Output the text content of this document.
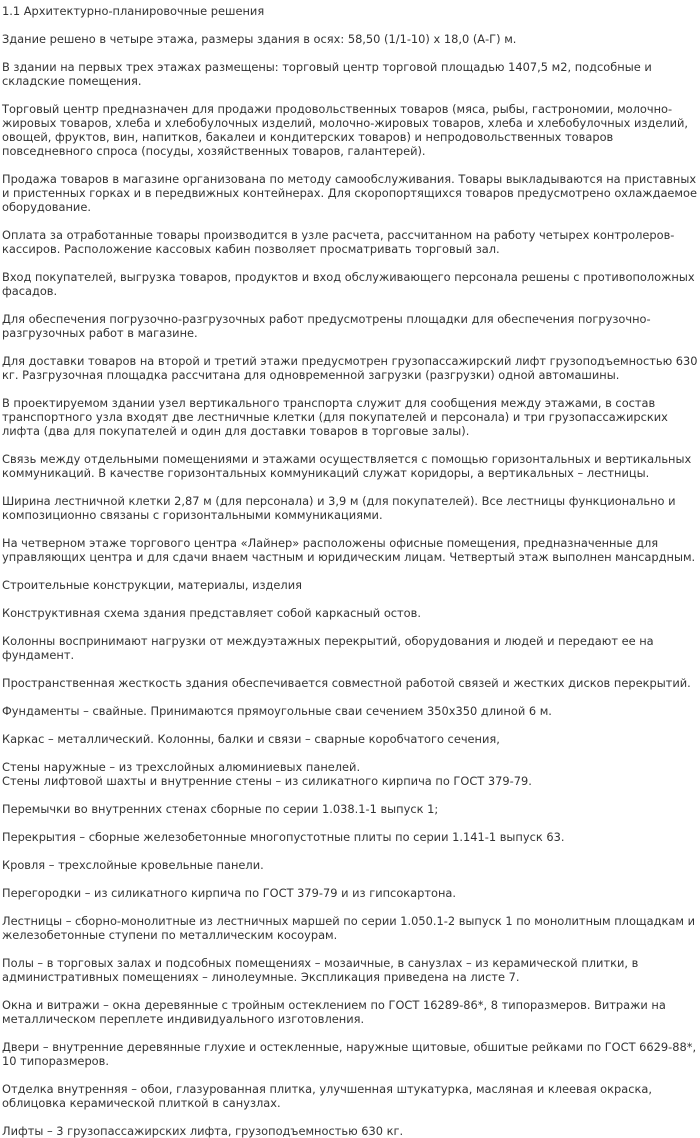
1.1 Архитектурно-планировочные решения

Здание решено в четыре этажа, размеры здания в осях: 58,50 (1/1-10) х 18,0 (А-Г) м.

В здании на первых трех этажах размещены: торговый центр торговой площадью 1407,5 м2, подсобные и складские помещения.

Торговый центр предназначен для продажи продовольственных товаров (мяса, рыбы, гастрономии, молочно-жировых товаров, хлеба и хлебобулочных изделий, молочно-жировых товаров, хлеба и хлебобулочных изделий, овощей, фруктов, вин, напитков, бакалеи и кондитерских товаров) и непродовольственных товаров повседневного спроса (посуды, хозяйственных товаров, галантерей).

Продажа товаров в магазине организована по методу самообслуживания. Товары выкладываются на приставных и пристенных горках и в передвижных контейнерах. Для скоропортящихся товаров предусмотрено охлаждаемое оборудование.

Оплата за отработанные товары производится в узле расчета, рассчитанном на работу четырех контролеров-кассиров. Расположение кассовых кабин позволяет просматривать торговый зал.

Вход покупателей, выгрузка товаров, продуктов и вход обслуживающего персонала решены с противоположных фасадов.

Для обеспечения погрузочно-разгрузочных работ предусмотрены площадки для обеспечения погрузочно-разгрузочных работ в магазине.

Для доставки товаров на второй и третий этажи предусмотрен грузопассажирский лифт грузоподъемностью 630 кг. Разгрузочная площадка рассчитана для одновременной загрузки (разгрузки) одной автомашины.

В проектируемом здании узел вертикального транспорта служит для сообщения между этажами, в состав транспортного узла входят две лестничные клетки (для покупателей и персонала) и три грузопассажирских лифта (два для покупателей и один для доставки товаров в торговые залы).

Связь между отдельными помещениями и этажами осуществляется с помощью горизонтальных и вертикальных коммуникаций. В качестве горизонтальных коммуникаций служат коридоры, а вертикальных – лестницы.

Ширина лестничной клетки 2,87 м (для персонала) и 3,9 м (для покупателей). Все лестницы функционально и композиционно связаны с горизонтальными коммуникациями.

На четверном этаже торгового центра «Лайнер» расположены офисные помещения, предназначенные для управляющих центра и для сдачи внаем частным и юридическим лицам. Четвертый этаж выполнен мансардным.

Строительные конструкции, материалы, изделия

Конструктивная схема здания представляет собой каркасный остов.

Колонны воспринимают нагрузки от междуэтажных перекрытий, оборудования и людей и передают ее на фундамент.

Пространственная жесткость здания обеспечивается совместной работой связей и жестких дисков перекрытий.

Фундаменты – свайные. Принимаются прямоугольные сваи сечением 350х350 длиной 6 м.

Каркас – металлический. Колонны, балки и связи – сварные коробчатого сечения,

Стены наружные – из трехслойных алюминиевых панелей.
Стены лифтовой шахты и внутренние стены – из силикатного кирпича по ГОСТ 379-79.

Перемычки во внутренних стенах сборные по серии 1.038.1-1 выпуск 1;

Перекрытия – сборные железобетонные многопустотные плиты по серии 1.141-1 выпуск 63.

Кровля – трехслойные кровельные панели.

Перегородки – из силикатного кирпича по ГОСТ 379-79 и из гипсокартона.

Лестницы – сборно-монолитные из лестничных маршей по серии 1.050.1-2 выпуск 1 по монолитным площадкам и железобетонные ступени по металлическим косоурам.

Полы – в торговых залах и подсобных помещениях – мозаичные, в санузлах – из керамической плитки, в административных помещениях – линолеумные. Экспликация приведена на листе 7.

Окна и витражи – окна деревянные с тройным остеклением по ГОСТ 16289-86*, 8 типоразмеров. Витражи на металлическом переплете индивидуального изготовления.

Двери – внутренние деревянные глухие и остекленные, наружные щитовые, обшитые рейками по ГОСТ 6629-88*, 10 типоразмеров.

Отделка внутренняя – обои, глазурованная плитка, улучшенная штукатурка, масляная и клеевая окраска, облицовка керамической плиткой в санузлах.

Лифты – 3 грузопассажирских лифта, грузоподъемностью 630 кг.
